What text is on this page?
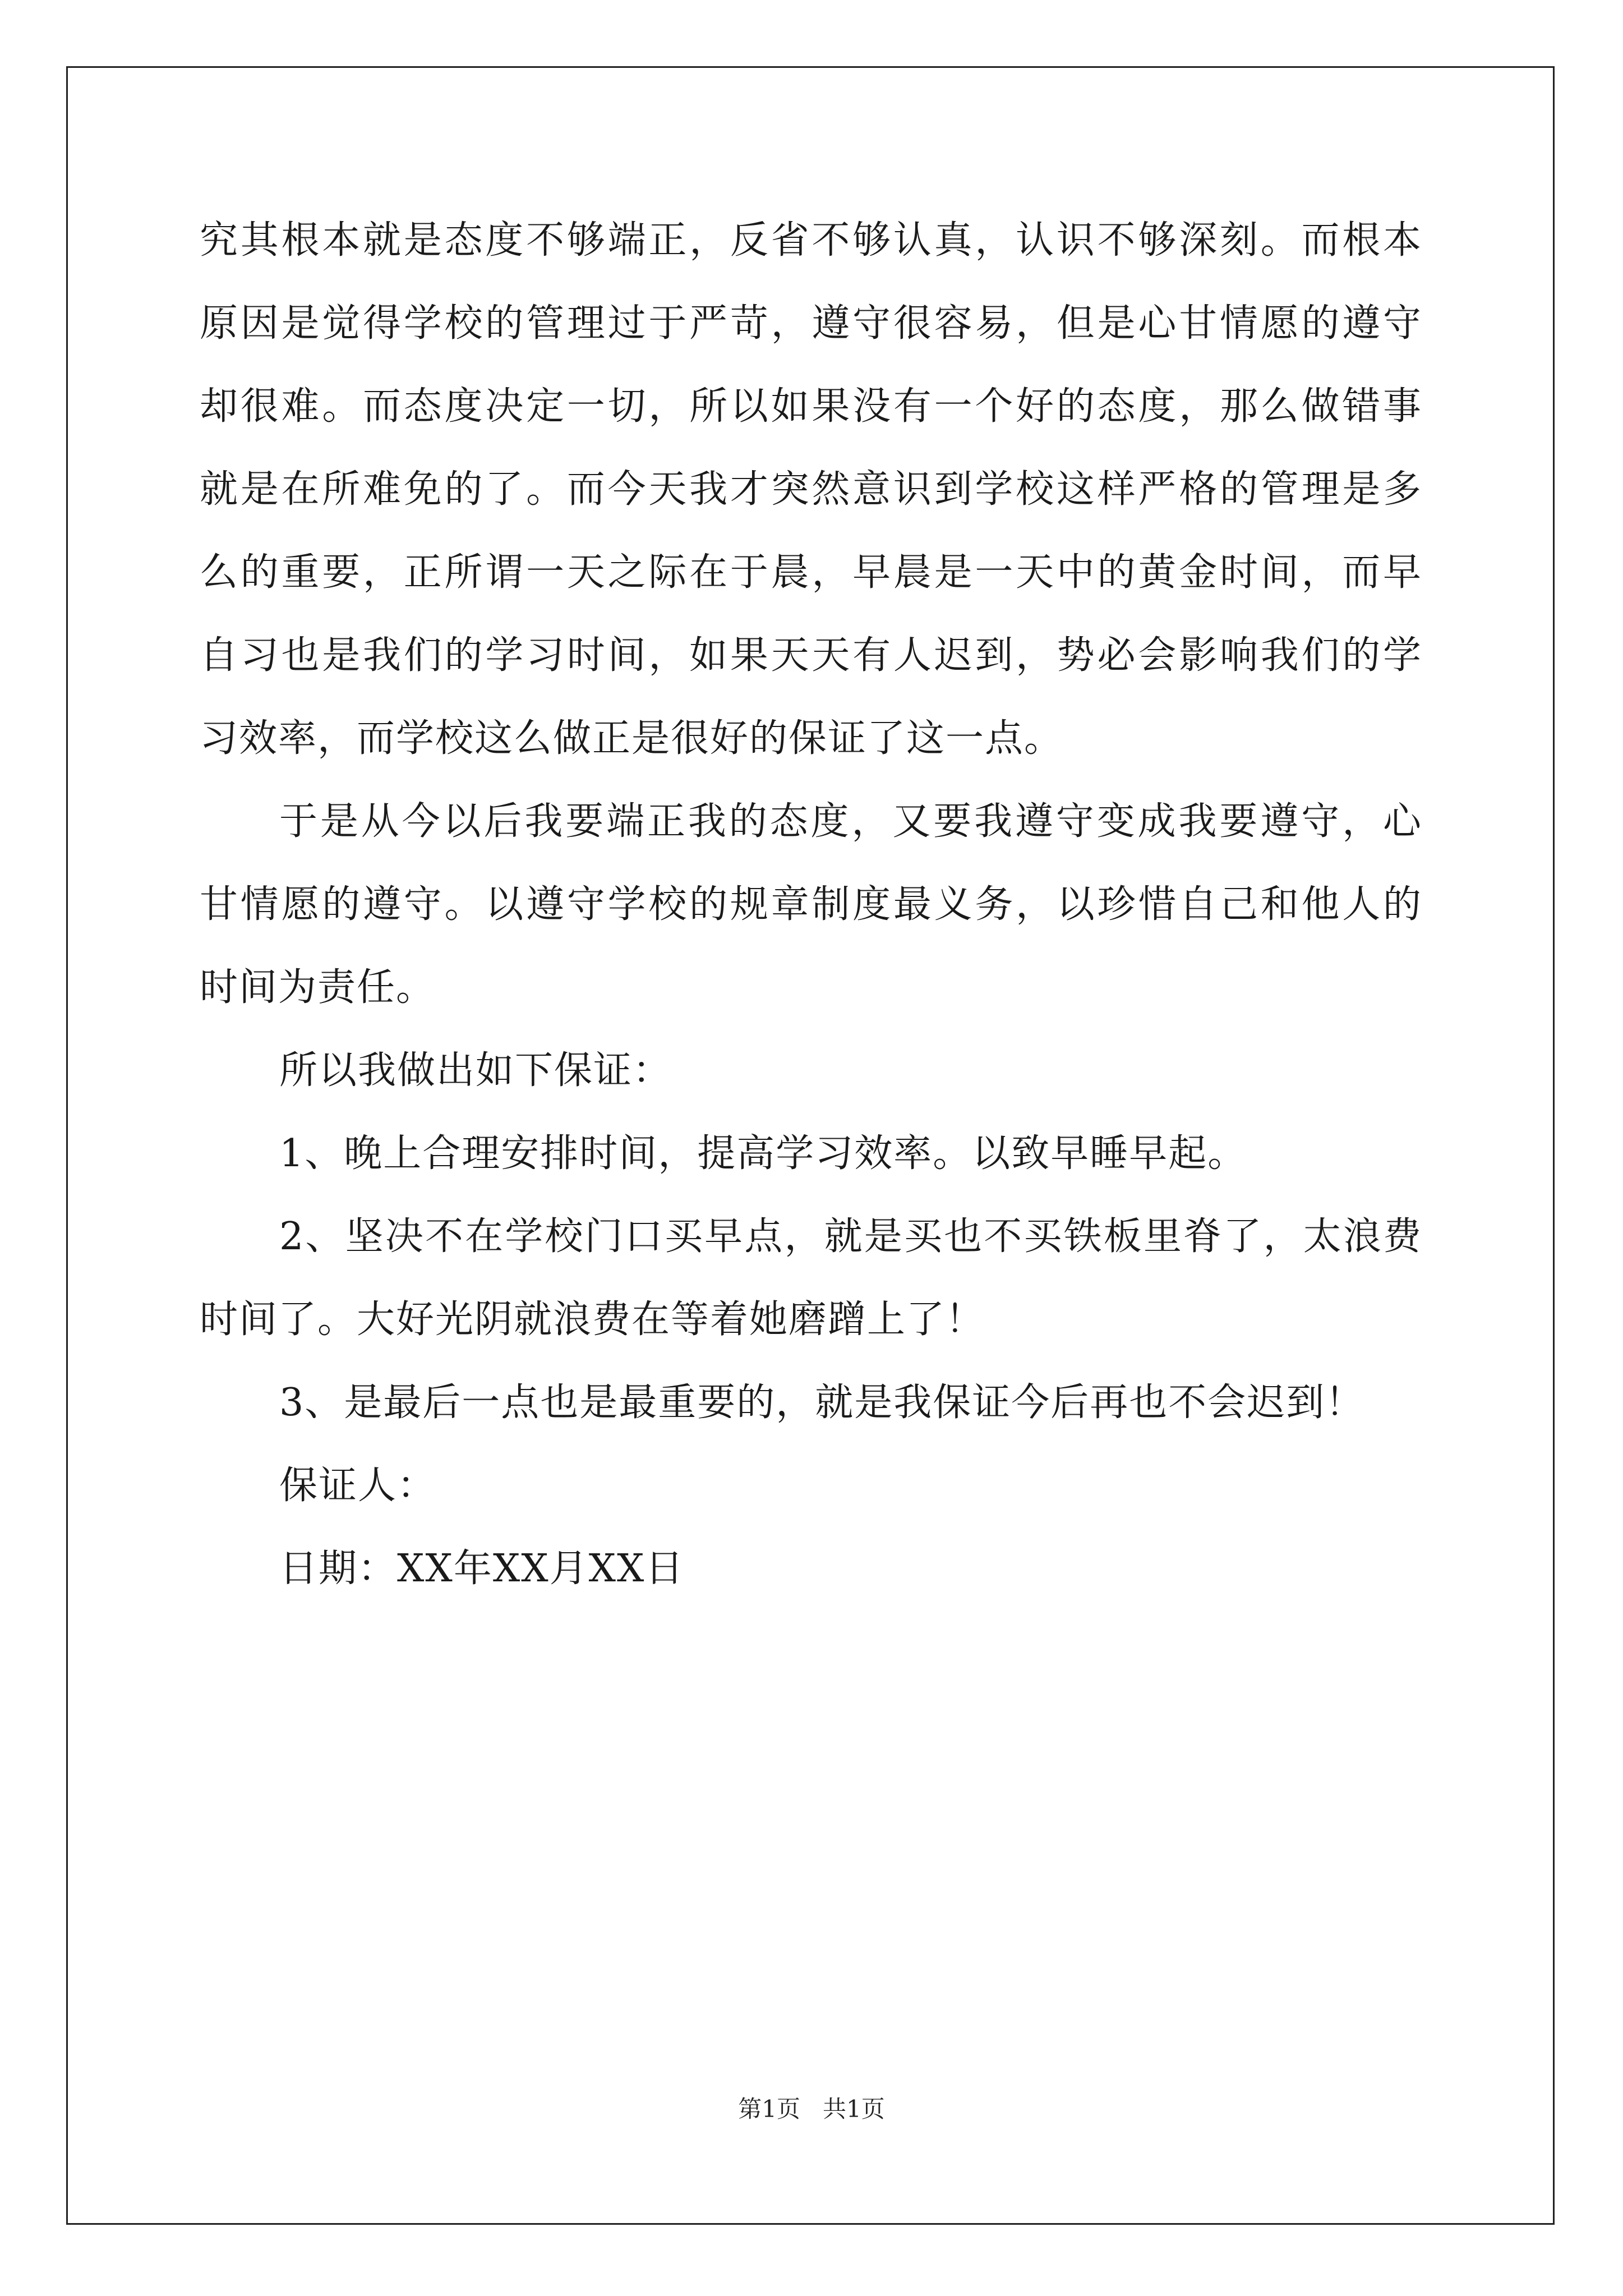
究其根本就是态度不够端正，反省不够认真，认识不够深刻。而根本
原因是觉得学校的管理过于严苛，遵守很容易，但是心甘情愿的遵守
却很难。而态度决定一切，所以如果没有一个好的态度，那么做错事
就是在所难免的了。而今天我才突然意识到学校这样严格的管理是多
么的重要，正所谓一天之际在于晨，早晨是一天中的黄金时间，而早
自习也是我们的学习时间，如果天天有人迟到，势必会影响我们的学
习效率，而学校这么做正是很好的保证了这一点。
于是从今以后我要端正我的态度，又要我遵守变成我要遵守，心
甘情愿的遵守。以遵守学校的规章制度最义务，以珍惜自己和他人的
时间为责任。
所以我做出如下保证：
1、晚上合理安排时间，提高学习效率。以致早睡早起。
2、坚决不在学校门口买早点，就是买也不买铁板里脊了，太浪费
时间了。大好光阴就浪费在等着她磨蹭上了！
3、是最后一点也是最重要的，就是我保证今后再也不会迟到！
保证人：
日期：XX年XX月XX日
第1页   共1页
